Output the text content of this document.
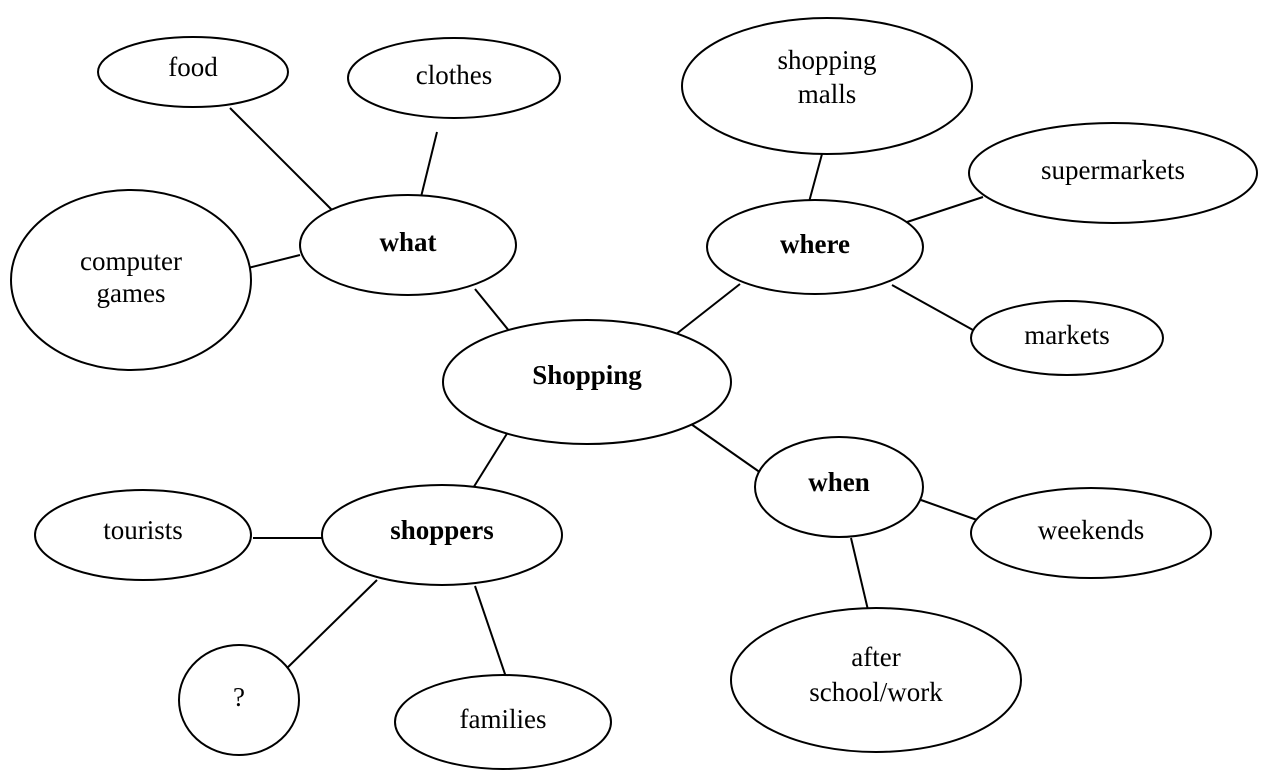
Shopping
what
food	clothes
computer
games
where
shopping
malls
supermarkets
markets
when
weekends
after
school/work
shoppers
tourists
?
families
